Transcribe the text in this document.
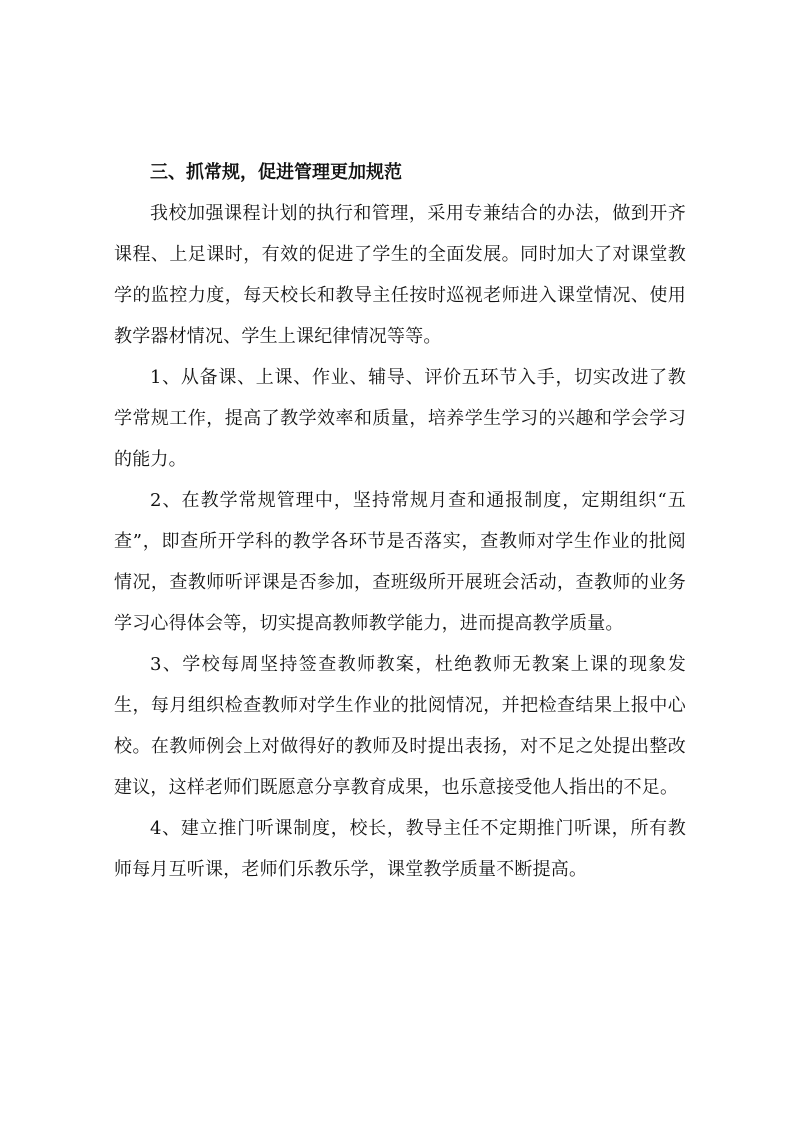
三、抓常规，促进管理更加规范

我校加强课程计划的执行和管理，采用专兼结合的办法，做到开齐课程、上足课时，有效的促进了学生的全面发展。同时加大了对课堂教学的监控力度，每天校长和教导主任按时巡视老师进入课堂情况、使用教学器材情况、学生上课纪律情况等等。

1、从备课、上课、作业、辅导、评价五环节入手，切实改进了教学常规工作，提高了教学效率和质量，培养学生学习的兴趣和学会学习的能力。

2、在教学常规管理中，坚持常规月查和通报制度，定期组织“五查”，即查所开学科的教学各环节是否落实，查教师对学生作业的批阅情况，查教师听评课是否参加，查班级所开展班会活动，查教师的业务学习心得体会等，切实提高教师教学能力，进而提高教学质量。

3、学校每周坚持签查教师教案，杜绝教师无教案上课的现象发生，每月组织检查教师对学生作业的批阅情况，并把检查结果上报中心校。在教师例会上对做得好的教师及时提出表扬，对不足之处提出整改建议，这样老师们既愿意分享教育成果，也乐意接受他人指出的不足。

4、建立推门听课制度，校长，教导主任不定期推门听课，所有教师每月互听课，老师们乐教乐学，课堂教学质量不断提高。
